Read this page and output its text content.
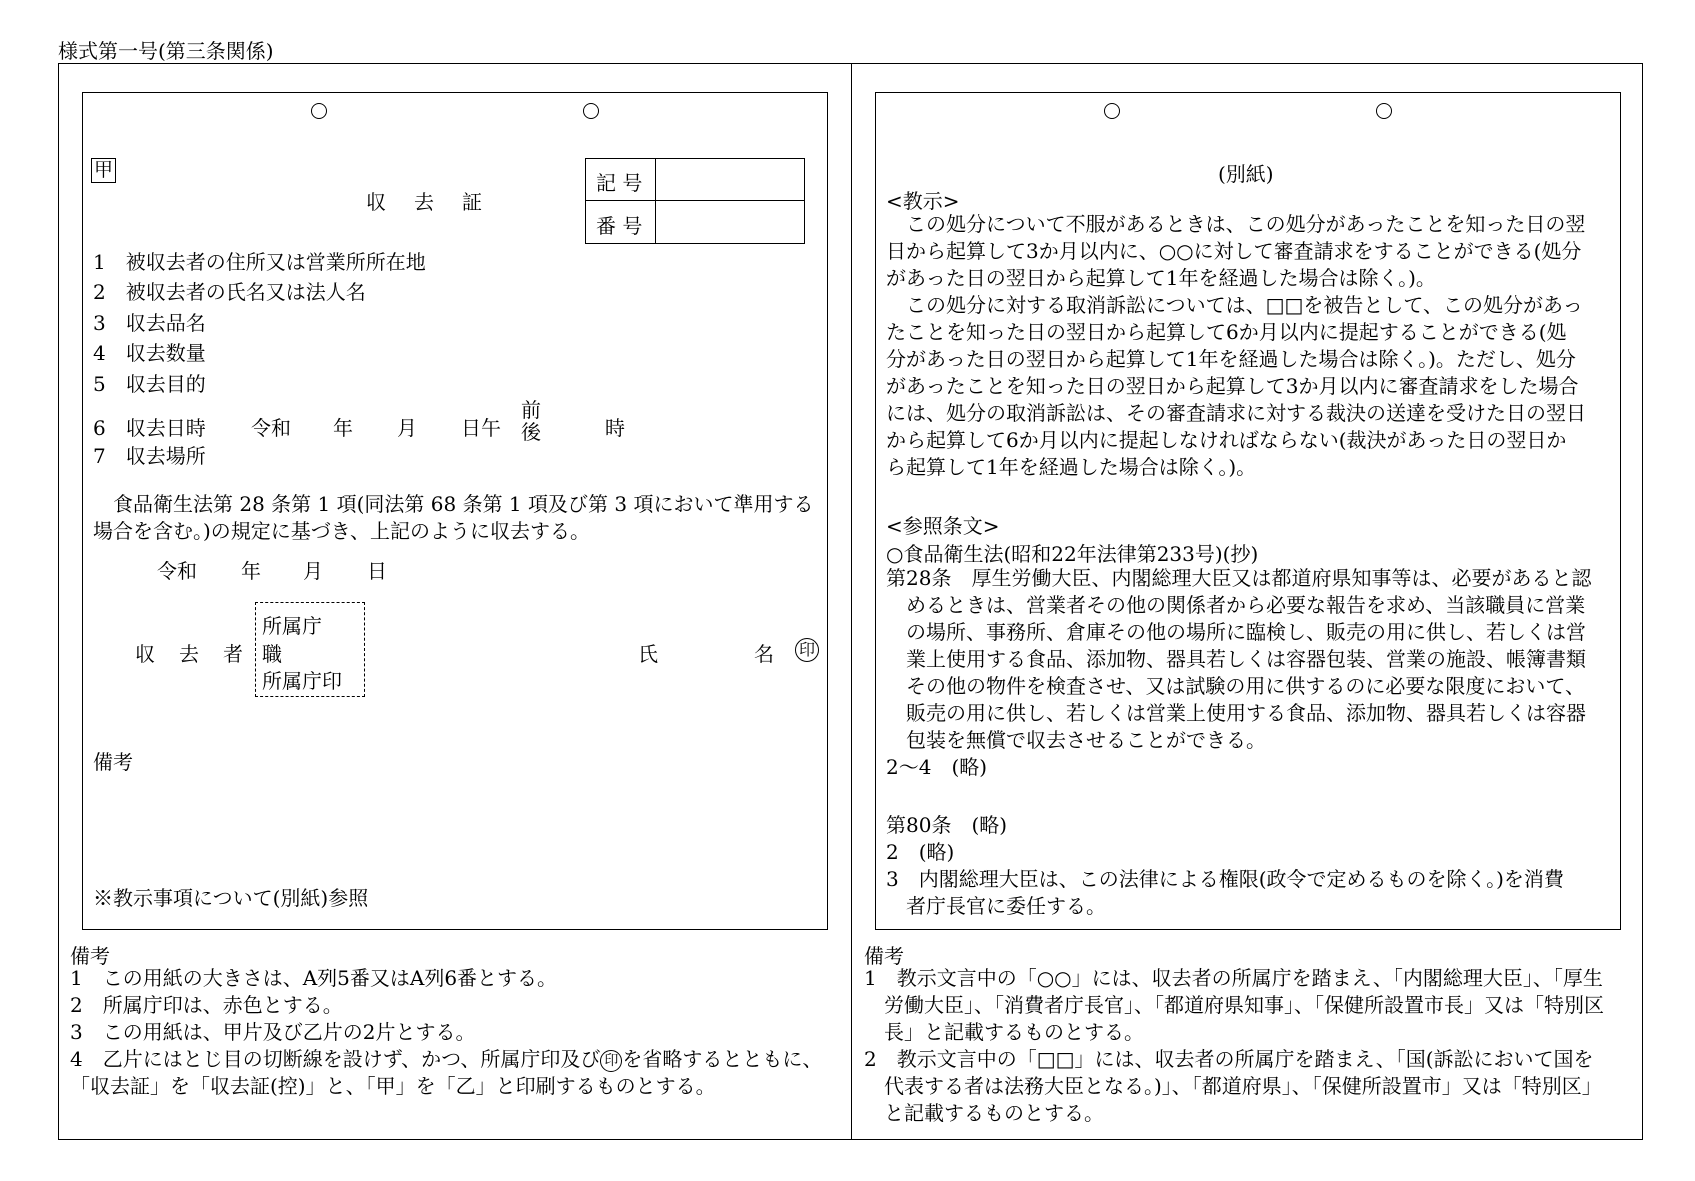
様式第一号(第三条関係)
甲
収　去　証
記 号
番 号
1　被収去者の住所又は営業所所在地
2　被収去者の氏名又は法人名
3　収去品名
4　収去数量
5　収去目的
6　収去日時
7　収去場所
令和 年 月 日午
前
後	時
　食品衛生法第 28 条第 1 項(同法第 68 条第 1 項及び第 3 項において準用する
場合を含む。)の規定に基づき、上記のように収去する。
令和 年 月 日
収　去　者
所属庁
職
所属庁印
氏	名 印
備考
※教示事項について(別紙)参照
備考
1　この用紙の大きさは、A列5番又はA列6番とする。
2　所属庁印は、赤色とする。
3　この用紙は、甲片及び乙片の2片とする。
4　乙片にはとじ目の切断線を設けず、かつ、所属庁印及び 印 を省略するとともに、
「収去証」を「収去証(控)」と、「甲」を「乙」と印刷するものとする。
(別紙)
<教示>
　この処分について不服があるときは、この処分があったことを知った日の翌
日から起算して3か月以内に、○○に対して審査請求をすることができる(処分
があった日の翌日から起算して1年を経過した場合は除く。)。
　この処分に対する取消訴訟については、□□を被告として、この処分があっ
たことを知った日の翌日から起算して6か月以内に提起することができる(処
分があった日の翌日から起算して1年を経過した場合は除く。)。ただし、処分
があったことを知った日の翌日から起算して3か月以内に審査請求をした場合
には、処分の取消訴訟は、その審査請求に対する裁決の送達を受けた日の翌日
から起算して6か月以内に提起しなければならない(裁決があった日の翌日か
ら起算して1年を経過した場合は除く。)。
<参照条文>
○食品衛生法(昭和22年法律第233号)(抄)
第28条　厚生労働大臣、内閣総理大臣又は都道府県知事等は、必要があると認
　めるときは、営業者その他の関係者から必要な報告を求め、当該職員に営業
　の場所、事務所、倉庫その他の場所に臨検し、販売の用に供し、若しくは営
　業上使用する食品、添加物、器具若しくは容器包装、営業の施設、帳簿書類
　その他の物件を検査させ、又は試験の用に供するのに必要な限度において、
　販売の用に供し、若しくは営業上使用する食品、添加物、器具若しくは容器
　包装を無償で収去させることができる。
2～4　(略)
第80条　(略)
2　(略)
3　内閣総理大臣は、この法律による権限(政令で定めるものを除く。)を消費
　者庁長官に委任する。
備考
1　教示文言中の「○○」には、収去者の所属庁を踏まえ、「内閣総理大臣」、「厚生
　労働大臣」、「消費者庁長官」、「都道府県知事」、「保健所設置市長」又は「特別区
　長」と記載するものとする。
2　教示文言中の「□□」には、収去者の所属庁を踏まえ、「国(訴訟において国を
　代表する者は法務大臣となる。)」、「都道府県」、「保健所設置市」又は「特別区」
　と記載するものとする。
